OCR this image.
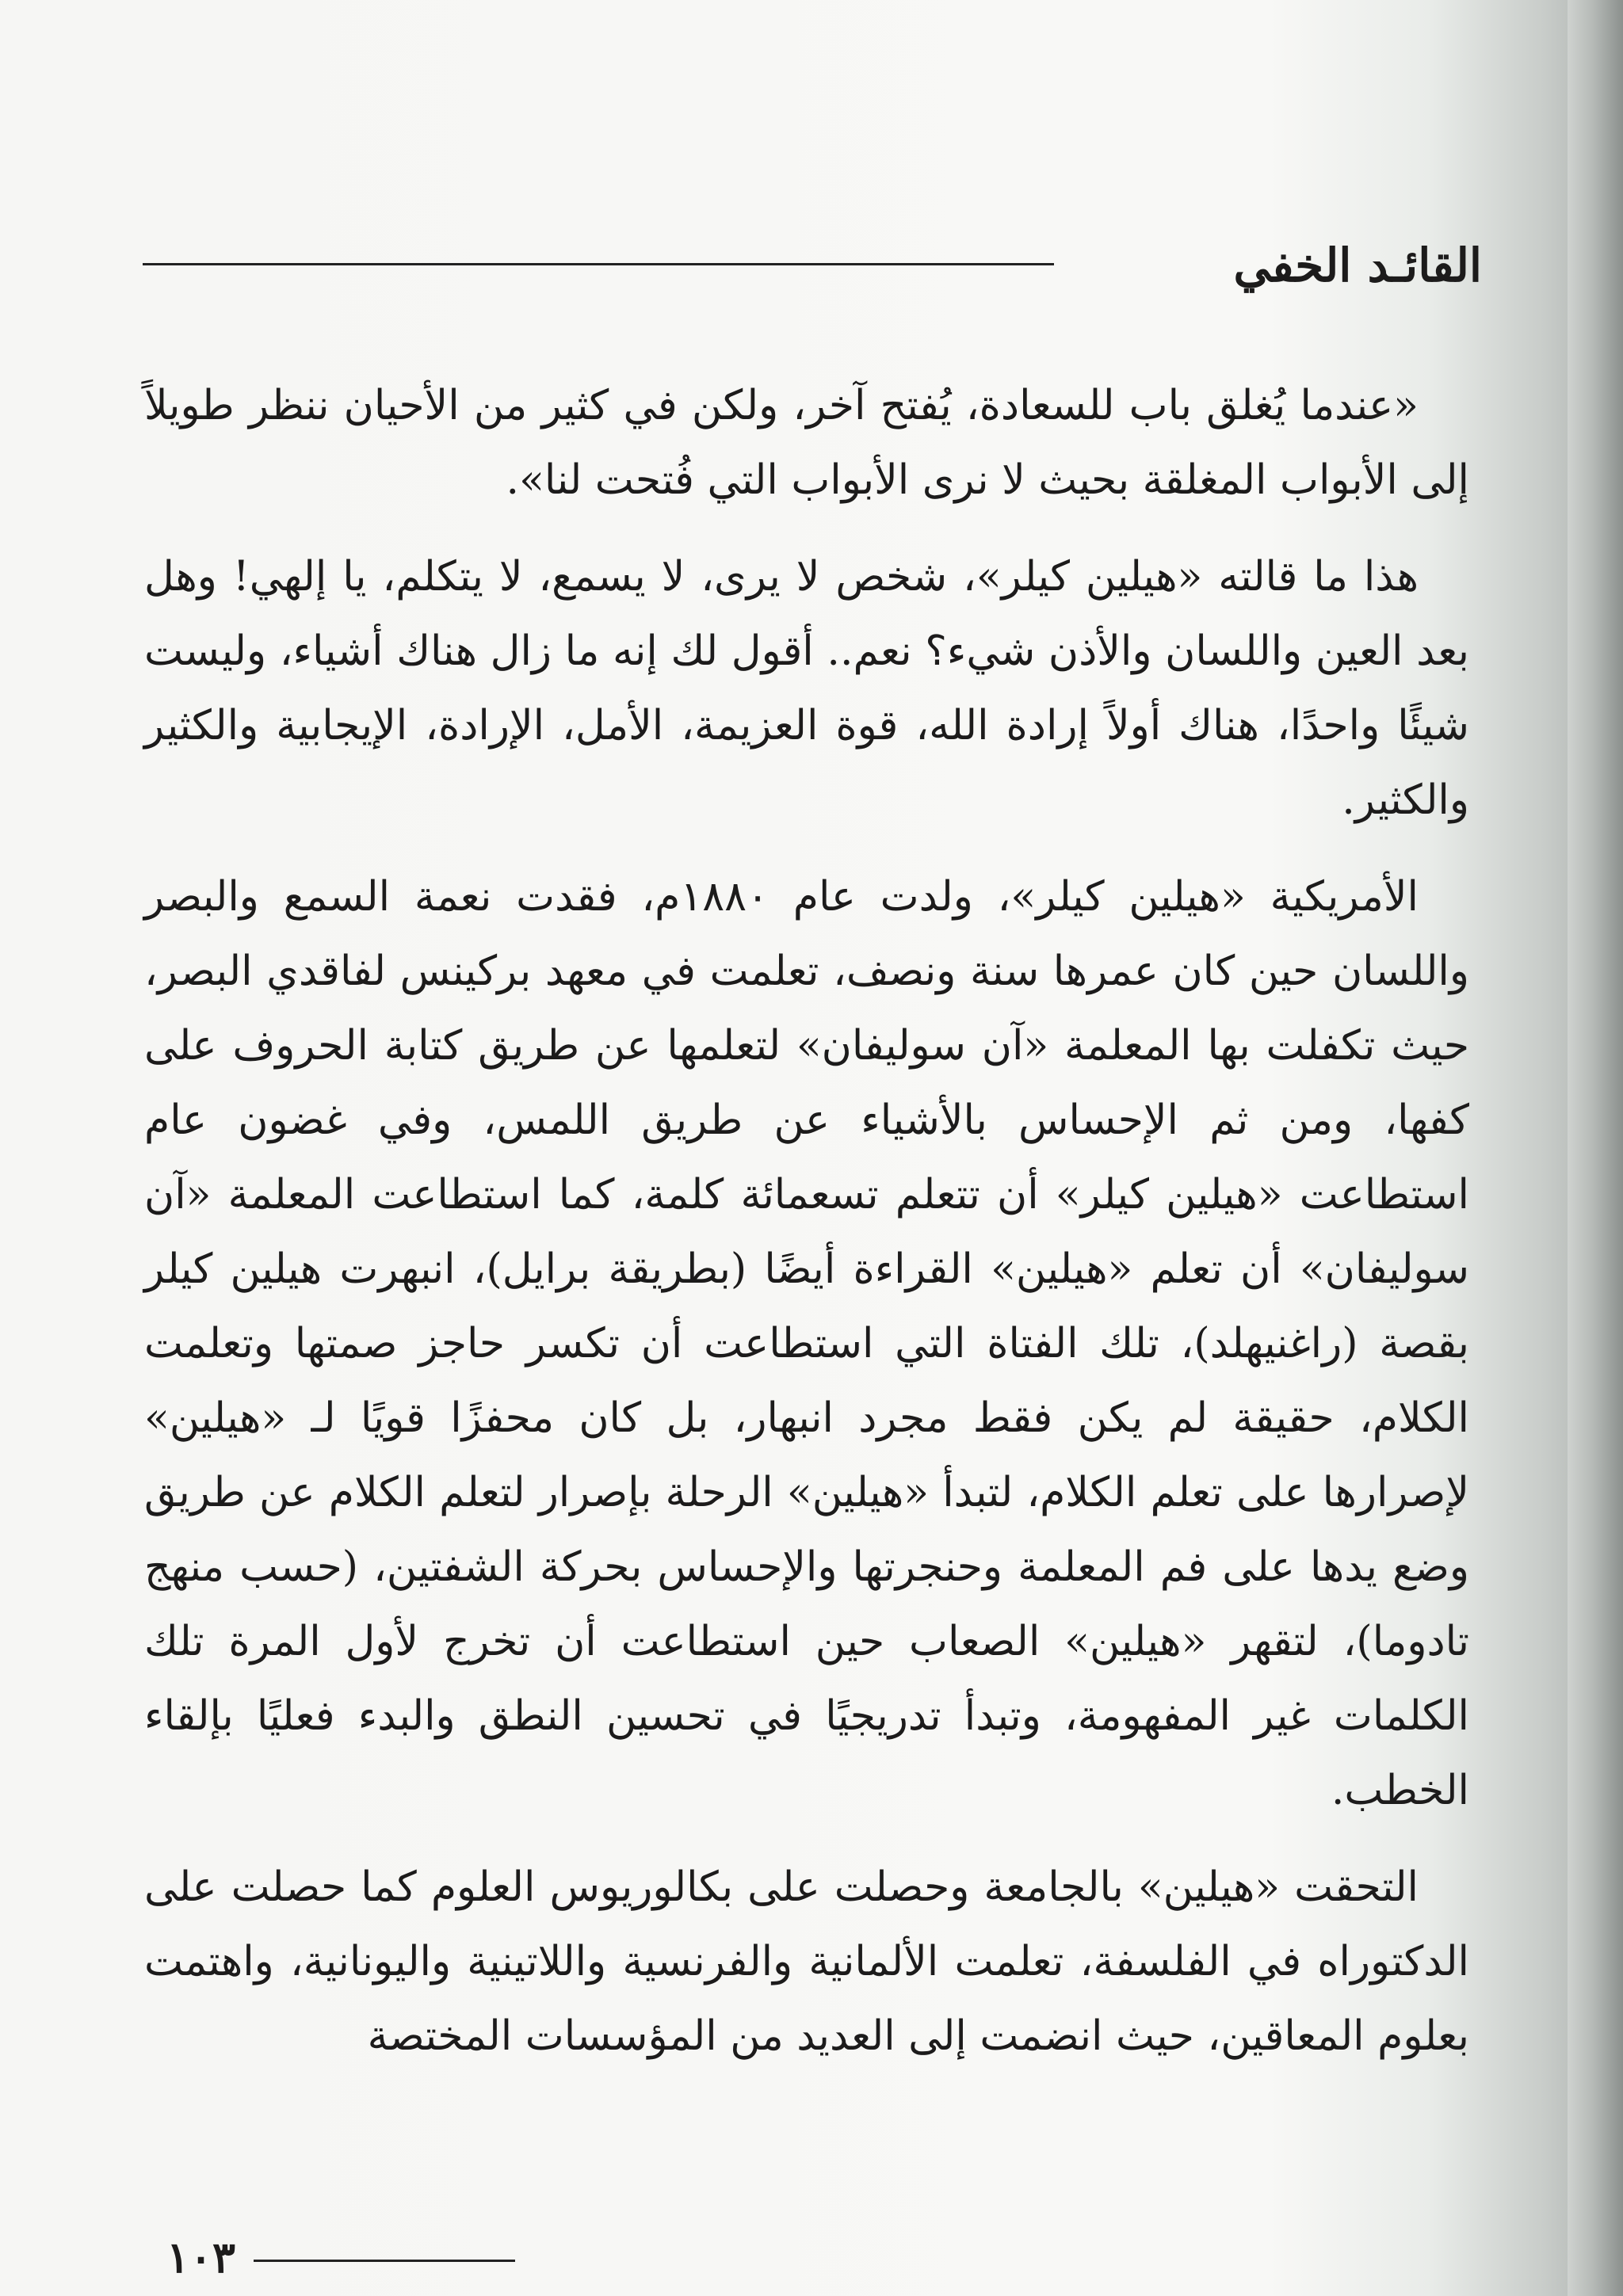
القائـد الخفي

«عندما يُغلق باب للسعادة، يُفتح آخر، ولكن في كثير من الأحيان ننظر طويلاً إلى الأبواب المغلقة بحيث لا نرى الأبواب التي فُتحت لنا».

هذا ما قالته «هيلين كيلر»، شخص لا يرى، لا يسمع، لا يتكلم، يا إلهي! وهل بعد العين واللسان والأذن شيء؟ نعم.. أقول لك إنه ما زال هناك أشياء، وليست شيئًا واحدًا، هناك أولاً إرادة الله، قوة العزيمة، الأمل، الإرادة، الإيجابية والكثير والكثير.

الأمريكية «هيلين كيلر»، ولدت عام ١٨٨٠م، فقدت نعمة السمع والبصر واللسان حين كان عمرها سنة ونصف، تعلمت في معهد بركينس لفاقدي البصر، حيث تكفلت بها المعلمة «آن سوليفان» لتعلمها عن طريق كتابة الحروف على كفها، ومن ثم الإحساس بالأشياء عن طريق اللمس، وفي غضون عام استطاعت «هيلين كيلر» أن تتعلم تسعمائة كلمة، كما استطاعت المعلمة «آن سوليفان» أن تعلم «هيلين» القراءة أيضًا (بطريقة برايل)، انبهرت هيلين كيلر بقصة (راغنيهلد)، تلك الفتاة التي استطاعت أن تكسر حاجز صمتها وتعلمت الكلام، حقيقة لم يكن فقط مجرد انبهار، بل كان محفزًا قويًا لـ «هيلين» لإصرارها على تعلم الكلام، لتبدأ «هيلين» الرحلة بإصرار لتعلم الكلام عن طريق وضع يدها على فم المعلمة وحنجرتها والإحساس بحركة الشفتين، (حسب منهج تادوما)، لتقهر «هيلين» الصعاب حين استطاعت أن تخرج لأول المرة تلك الكلمات غير المفهومة، وتبدأ تدريجيًا في تحسين النطق والبدء فعليًا بإلقاء الخطب.

التحقت «هيلين» بالجامعة وحصلت على بكالوريوس العلوم كما حصلت على الدكتوراه في الفلسفة، تعلمت الألمانية والفرنسية واللاتينية واليونانية، واهتمت بعلوم المعاقين، حيث انضمت إلى العديد من المؤسسات المختصة

١٠٣
